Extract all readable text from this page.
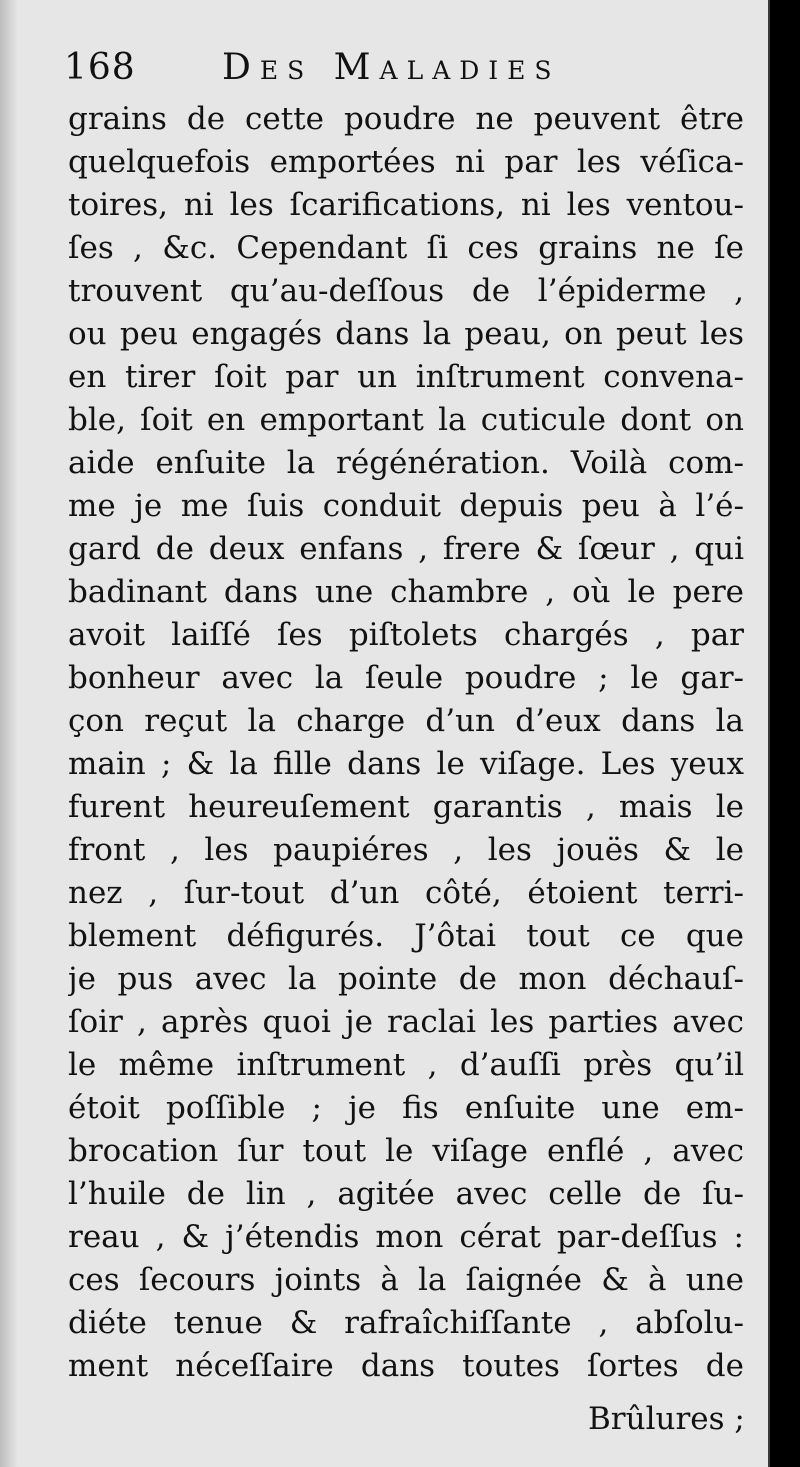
168 Des Maladies
grains de cette poudre ne peuvent être
quelquefois emportées ni par les véſica-
toires, ni les ſcarifications, ni les ventou-
ſes , &c. Cependant ſi ces grains ne ſe
trouvent qu’au-deſſous de l’épiderme ,
ou peu engagés dans la peau, on peut les
en tirer ſoit par un inſtrument convena-
ble, ſoit en emportant la cuticule dont on
aide enſuite la régénération. Voilà com-
me je me ſuis conduit depuis peu à l’é-
gard de deux enfans , frere & ſœur , qui
badinant dans une chambre , où le pere
avoit laiſſé ſes piſtolets chargés , par
bonheur avec la ſeule poudre ; le gar-
çon reçut la charge d’un d’eux dans la
main ; & la fille dans le viſage. Les yeux
furent heureuſement garantis , mais le
front , les paupiéres , les jouës & le
nez , ſur-tout d’un côté, étoient terri-
blement défigurés. J’ôtai tout ce que
je pus avec la pointe de mon déchauſ-
ſoir , après quoi je raclai les parties avec
le même inſtrument , d’auſſi près qu’il
étoit poſſible ; je fis enſuite une em-
brocation ſur tout le viſage enflé , avec
l’huile de lin , agitée avec celle de ſu-
reau , & j’étendis mon cérat par-deſſus :
ces ſecours joints à la ſaignée & à une
diéte tenue & rafraîchiſſante , abſolu-
ment néceſſaire dans toutes ſortes de
Brûlures ;
